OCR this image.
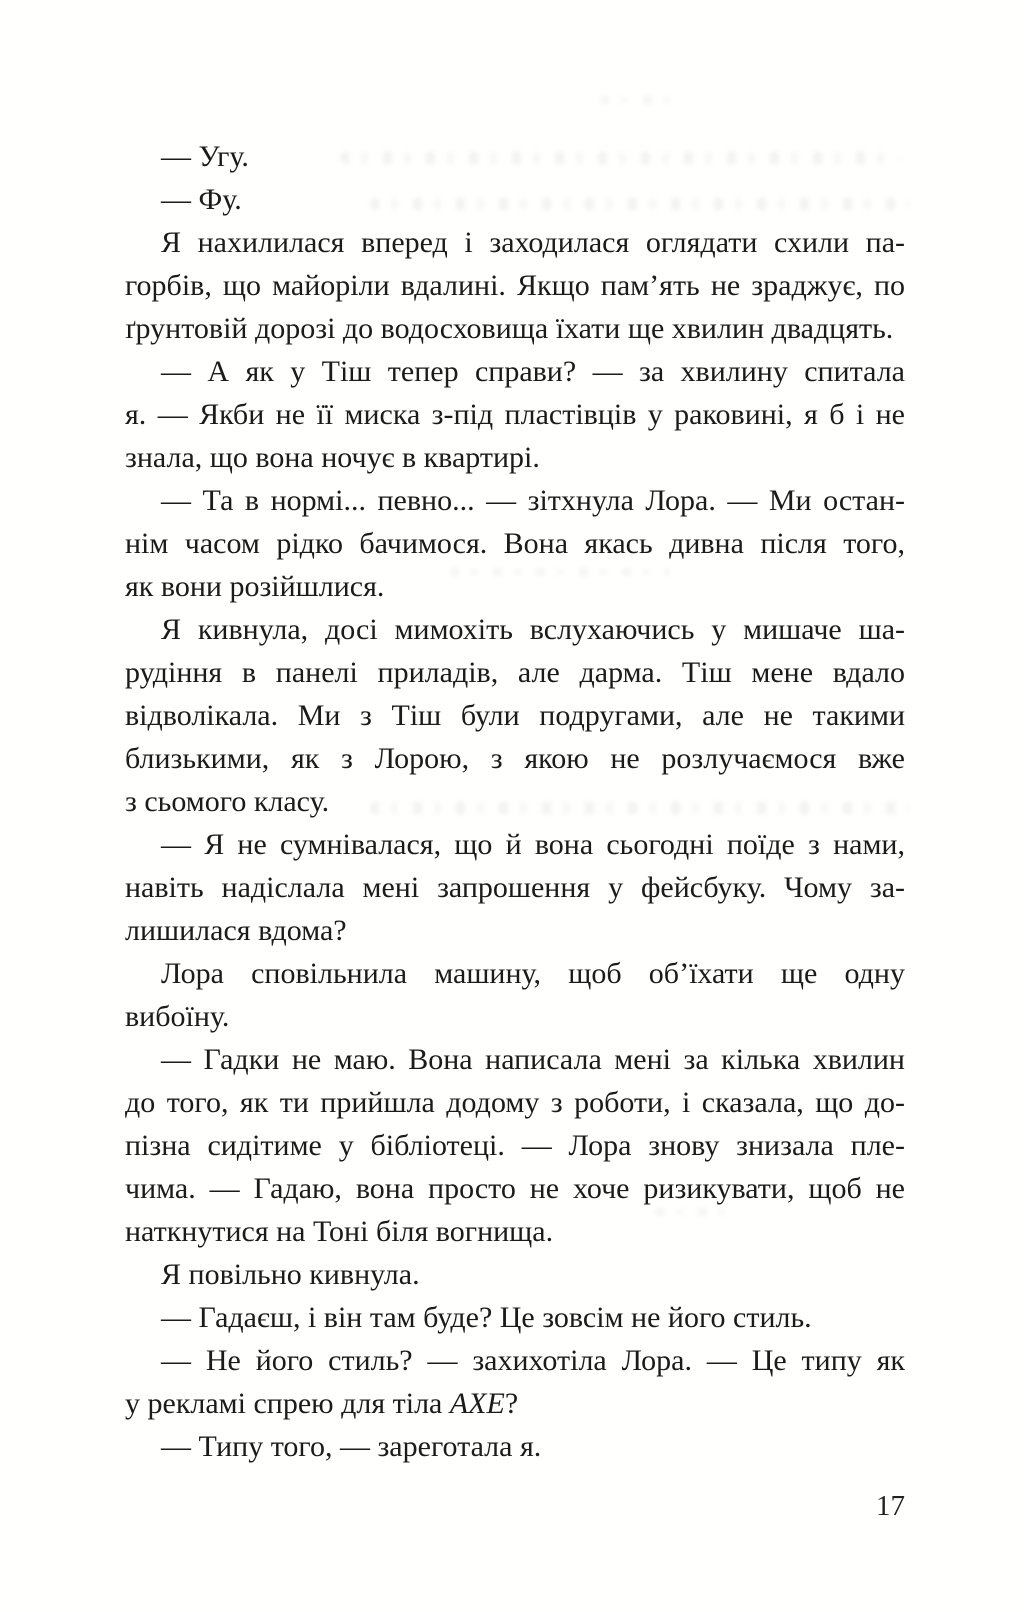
— Угу.

— Фу.

Я нахилилася вперед і заходилася оглядати схили па-
горбів, що майоріли вдалині. Якщо пам’ять не зраджує, по
ґрунтовій дорозі до водосховища їхати ще хвилин двадцять.

— А як у Тіш тепер справи? — за хвилину спитала
я. — Якби не її миска з-під пластівців у раковині, я б і не
знала, що вона ночує в квартирі.

— Та в нормі... певно... — зітхнула Лора. — Ми остан-
нім часом рідко бачимося. Вона якась дивна після того,
як вони розійшлися.

Я кивнула, досі мимохіть вслухаючись у мишаче ша-
рудіння в панелі приладів, але дарма. Тіш мене вдало
відволікала. Ми з Тіш були подругами, але не такими
близькими, як з Лорою, з якою не розлучаємося вже
з сьомого класу.

— Я не сумнівалася, що й вона сьогодні поїде з нами,
навіть надіслала мені запрошення у фейсбуку. Чому за-
лишилася вдома?

Лора сповільнила машину, щоб об’їхати ще одну
вибоїну.

— Гадки не маю. Вона написала мені за кілька хвилин
до того, як ти прийшла додому з роботи, і сказала, що до-
пізна сидітиме у бібліотеці. — Лора знову знизала пле-
чима. — Гадаю, вона просто не хоче ризикувати, щоб не
наткнутися на Тоні біля вогнища.

Я повільно кивнула.

— Гадаєш, і він там буде? Це зовсім не його стиль.

— Не його стиль? — захихотіла Лора. — Це типу як
у рекламі спрею для тіла AXE?

— Типу того, — зареготала я.

17
